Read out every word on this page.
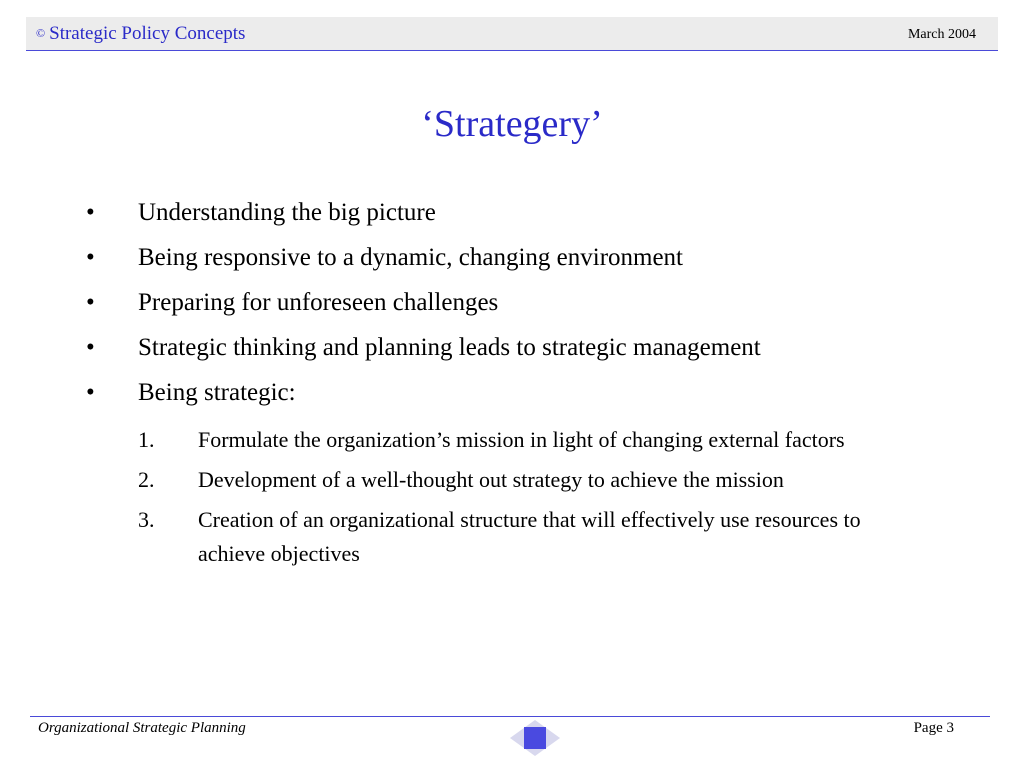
© Strategic Policy Concepts	March 2004
‘Strategery’
• Understanding the big picture
• Being responsive to a dynamic, changing environment
• Preparing for unforeseen challenges
• Strategic thinking and planning leads to strategic management
• Being strategic:
1. Formulate the organization’s mission in light of changing external factors
2. Development of a well-thought out strategy to achieve the mission
3. Creation of an organizational structure that will effectively use resources to achieve objectives
Organizational Strategic Planning	Page 3
